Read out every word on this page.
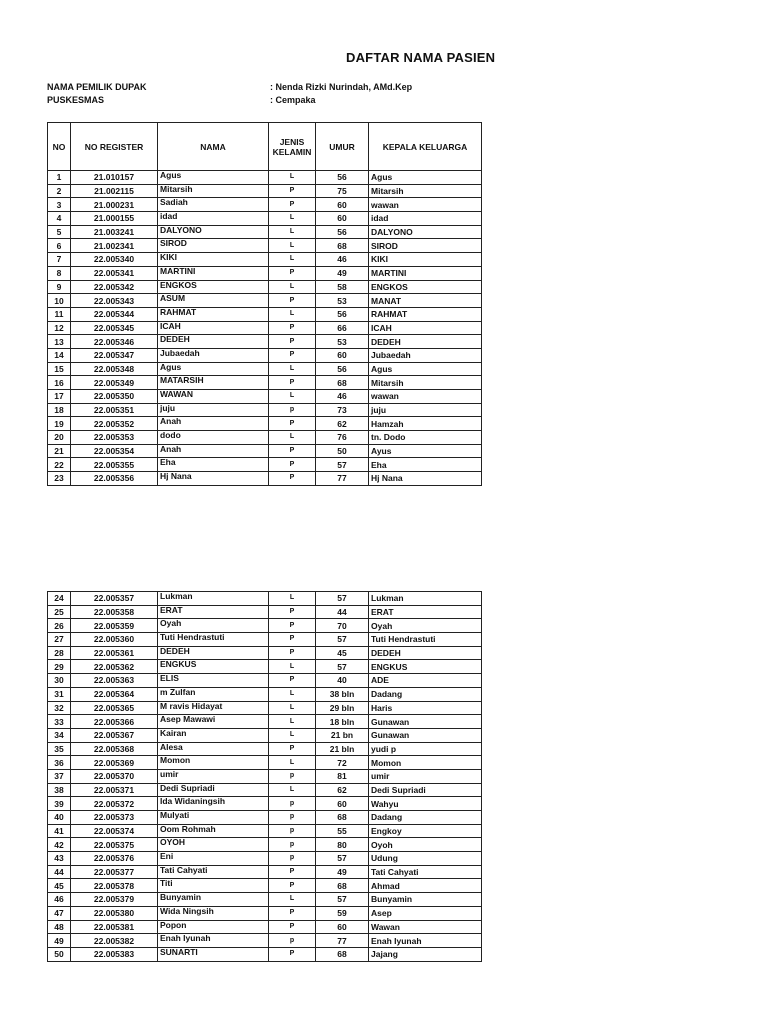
DAFTAR NAMA PASIEN
NAMA PEMILIK DUPAK	: Nenda Rizki Nurindah, AMd.Kep
PUSKESMAS	: Cempaka
NO	NO REGISTER	NAMA	JENIS KELAMIN	UMUR	KEPALA KELUARGA
1	21.010157	Agus	L	56	Agus
2	21.002115	Mitarsih	P	75	Mitarsih
3	21.000231	Sadiah	P	60	wawan
4	21.000155	idad	L	60	idad
5	21.003241	DALYONO	L	56	DALYONO
6	21.002341	SIROD	L	68	SIROD
7	22.005340	KIKI	L	46	KIKI
8	22.005341	MARTINI	P	49	MARTINI
9	22.005342	ENGKOS	L	58	ENGKOS
10	22.005343	ASUM	P	53	MANAT
11	22.005344	RAHMAT	L	56	RAHMAT
12	22.005345	ICAH	P	66	ICAH
13	22.005346	DEDEH	P	53	DEDEH
14	22.005347	Jubaedah	P	60	Jubaedah
15	22.005348	Agus	L	56	Agus
16	22.005349	MATARSIH	P	68	Mitarsih
17	22.005350	WAWAN	L	46	wawan
18	22.005351	juju	p	73	juju
19	22.005352	Anah	P	62	Hamzah
20	22.005353	dodo	L	76	tn. Dodo
21	22.005354	Anah	P	50	Ayus
22	22.005355	Eha	P	57	Eha
23	22.005356	Hj Nana	P	77	Hj Nana
24	22.005357	Lukman	L	57	Lukman
25	22.005358	ERAT	P	44	ERAT
26	22.005359	Oyah	P	70	Oyah
27	22.005360	Tuti Hendrastuti	P	57	Tuti Hendrastuti
28	22.005361	DEDEH	P	45	DEDEH
29	22.005362	ENGKUS	L	57	ENGKUS
30	22.005363	ELIS	P	40	ADE
31	22.005364	m Zulfan	L	38 bln	Dadang
32	22.005365	M ravis Hidayat	L	29 bln	Haris
33	22.005366	Asep Mawawi	L	18 bln	Gunawan
34	22.005367	Kairan	L	21 bn	Gunawan
35	22.005368	Alesa	P	21 bln	yudi p
36	22.005369	Momon	L	72	Momon
37	22.005370	umir	p	81	umir
38	22.005371	Dedi Supriadi	L	62	Dedi Supriadi
39	22.005372	Ida Widaningsih	p	60	Wahyu
40	22.005373	Mulyati	p	68	Dadang
41	22.005374	Oom Rohmah	p	55	Engkoy
42	22.005375	OYOH	p	80	Oyoh
43	22.005376	Eni	p	57	Udung
44	22.005377	Tati Cahyati	P	49	Tati Cahyati
45	22.005378	Titi	P	68	Ahmad
46	22.005379	Bunyamin	L	57	Bunyamin
47	22.005380	Wida Ningsih	P	59	Asep
48	22.005381	Popon	P	60	Wawan
49	22.005382	Enah Iyunah	p	77	Enah Iyunah
50	22.005383	SUNARTI	P	68	Jajang
